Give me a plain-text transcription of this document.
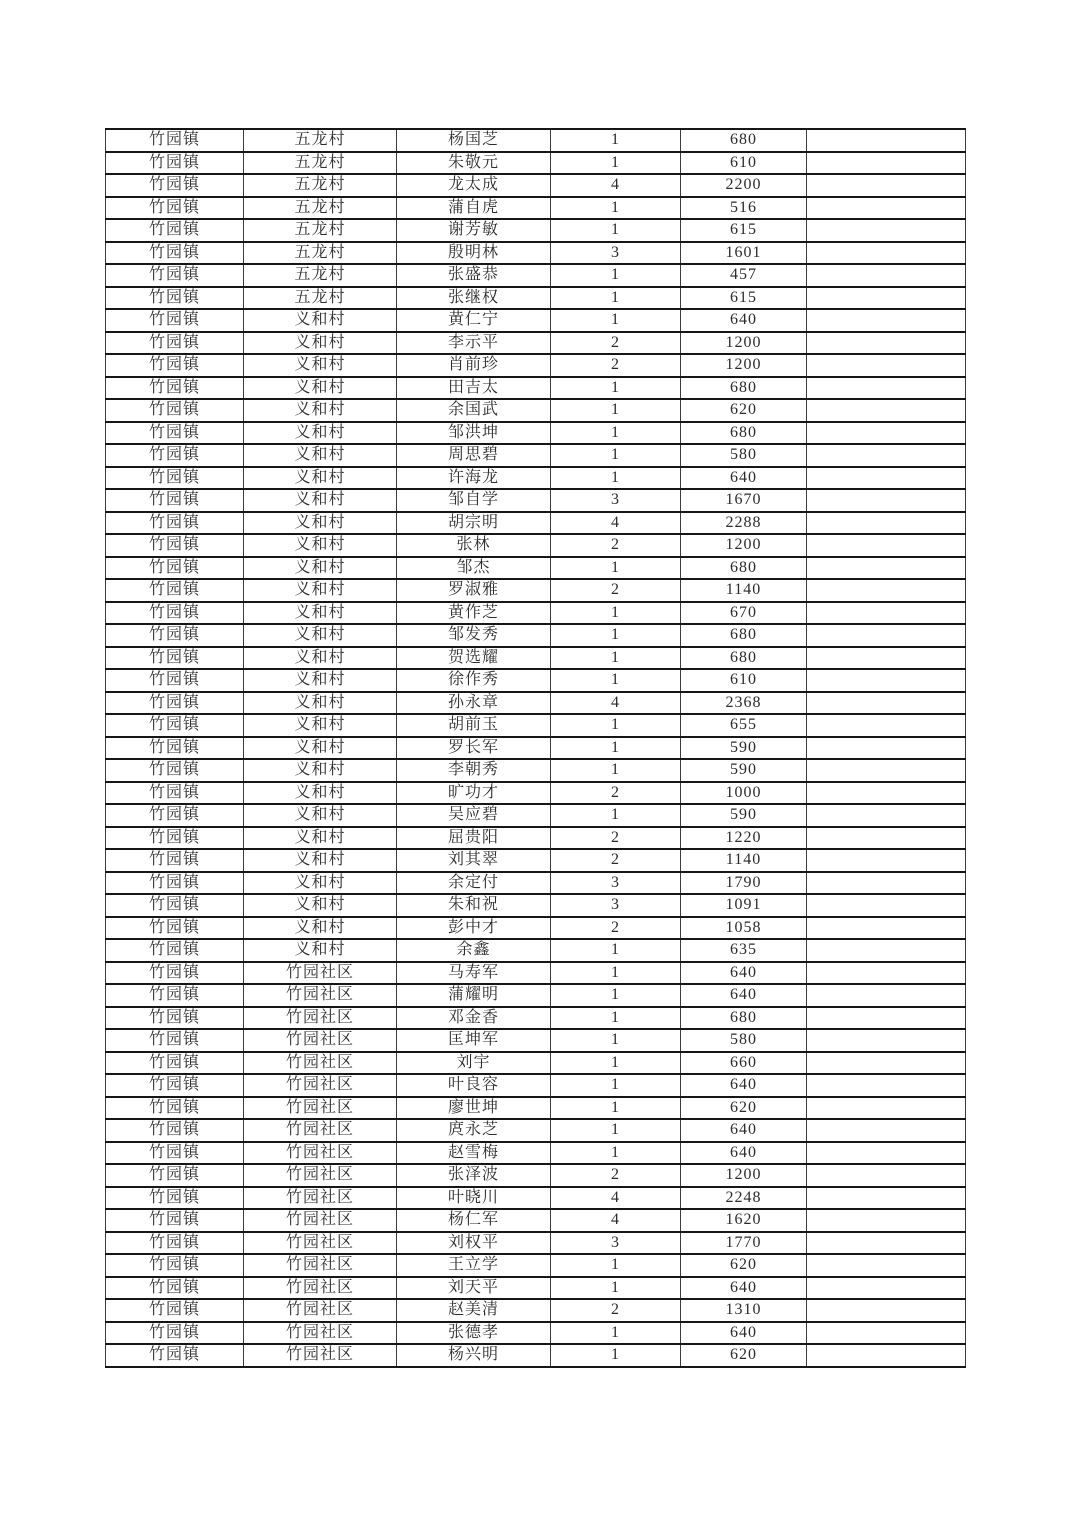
竹园镇	五龙村	杨国芝	1	680	
竹园镇	五龙村	朱敬元	1	610	
竹园镇	五龙村	龙太成	4	2200	
竹园镇	五龙村	蒲自虎	1	516	
竹园镇	五龙村	谢芳敏	1	615	
竹园镇	五龙村	殷明林	3	1601	
竹园镇	五龙村	张盛恭	1	457	
竹园镇	五龙村	张继权	1	615	
竹园镇	义和村	黄仁宁	1	640	
竹园镇	义和村	李示平	2	1200	
竹园镇	义和村	肖前珍	2	1200	
竹园镇	义和村	田吉太	1	680	
竹园镇	义和村	余国武	1	620	
竹园镇	义和村	邹洪坤	1	680	
竹园镇	义和村	周思碧	1	580	
竹园镇	义和村	许海龙	1	640	
竹园镇	义和村	邹自学	3	1670	
竹园镇	义和村	胡宗明	4	2288	
竹园镇	义和村	张林	2	1200	
竹园镇	义和村	邹杰	1	680	
竹园镇	义和村	罗淑雅	2	1140	
竹园镇	义和村	黄作芝	1	670	
竹园镇	义和村	邹发秀	1	680	
竹园镇	义和村	贺选耀	1	680	
竹园镇	义和村	徐作秀	1	610	
竹园镇	义和村	孙永章	4	2368	
竹园镇	义和村	胡前玉	1	655	
竹园镇	义和村	罗长军	1	590	
竹园镇	义和村	李朝秀	1	590	
竹园镇	义和村	旷功才	2	1000	
竹园镇	义和村	吴应碧	1	590	
竹园镇	义和村	屈贵阳	2	1220	
竹园镇	义和村	刘其翠	2	1140	
竹园镇	义和村	余定付	3	1790	
竹园镇	义和村	朱和祝	3	1091	
竹园镇	义和村	彭中才	2	1058	
竹园镇	义和村	余鑫	1	635	
竹园镇	竹园社区	马寿军	1	640	
竹园镇	竹园社区	蒲耀明	1	640	
竹园镇	竹园社区	邓金香	1	680	
竹园镇	竹园社区	匡坤军	1	580	
竹园镇	竹园社区	刘宇	1	660	
竹园镇	竹园社区	叶良容	1	640	
竹园镇	竹园社区	廖世坤	1	620	
竹园镇	竹园社区	庹永芝	1	640	
竹园镇	竹园社区	赵雪梅	1	640	
竹园镇	竹园社区	张泽波	2	1200	
竹园镇	竹园社区	叶晓川	4	2248	
竹园镇	竹园社区	杨仁军	4	1620	
竹园镇	竹园社区	刘权平	3	1770	
竹园镇	竹园社区	王立学	1	620	
竹园镇	竹园社区	刘天平	1	640	
竹园镇	竹园社区	赵美清	2	1310	
竹园镇	竹园社区	张德孝	1	640	
竹园镇	竹园社区	杨兴明	1	620	
